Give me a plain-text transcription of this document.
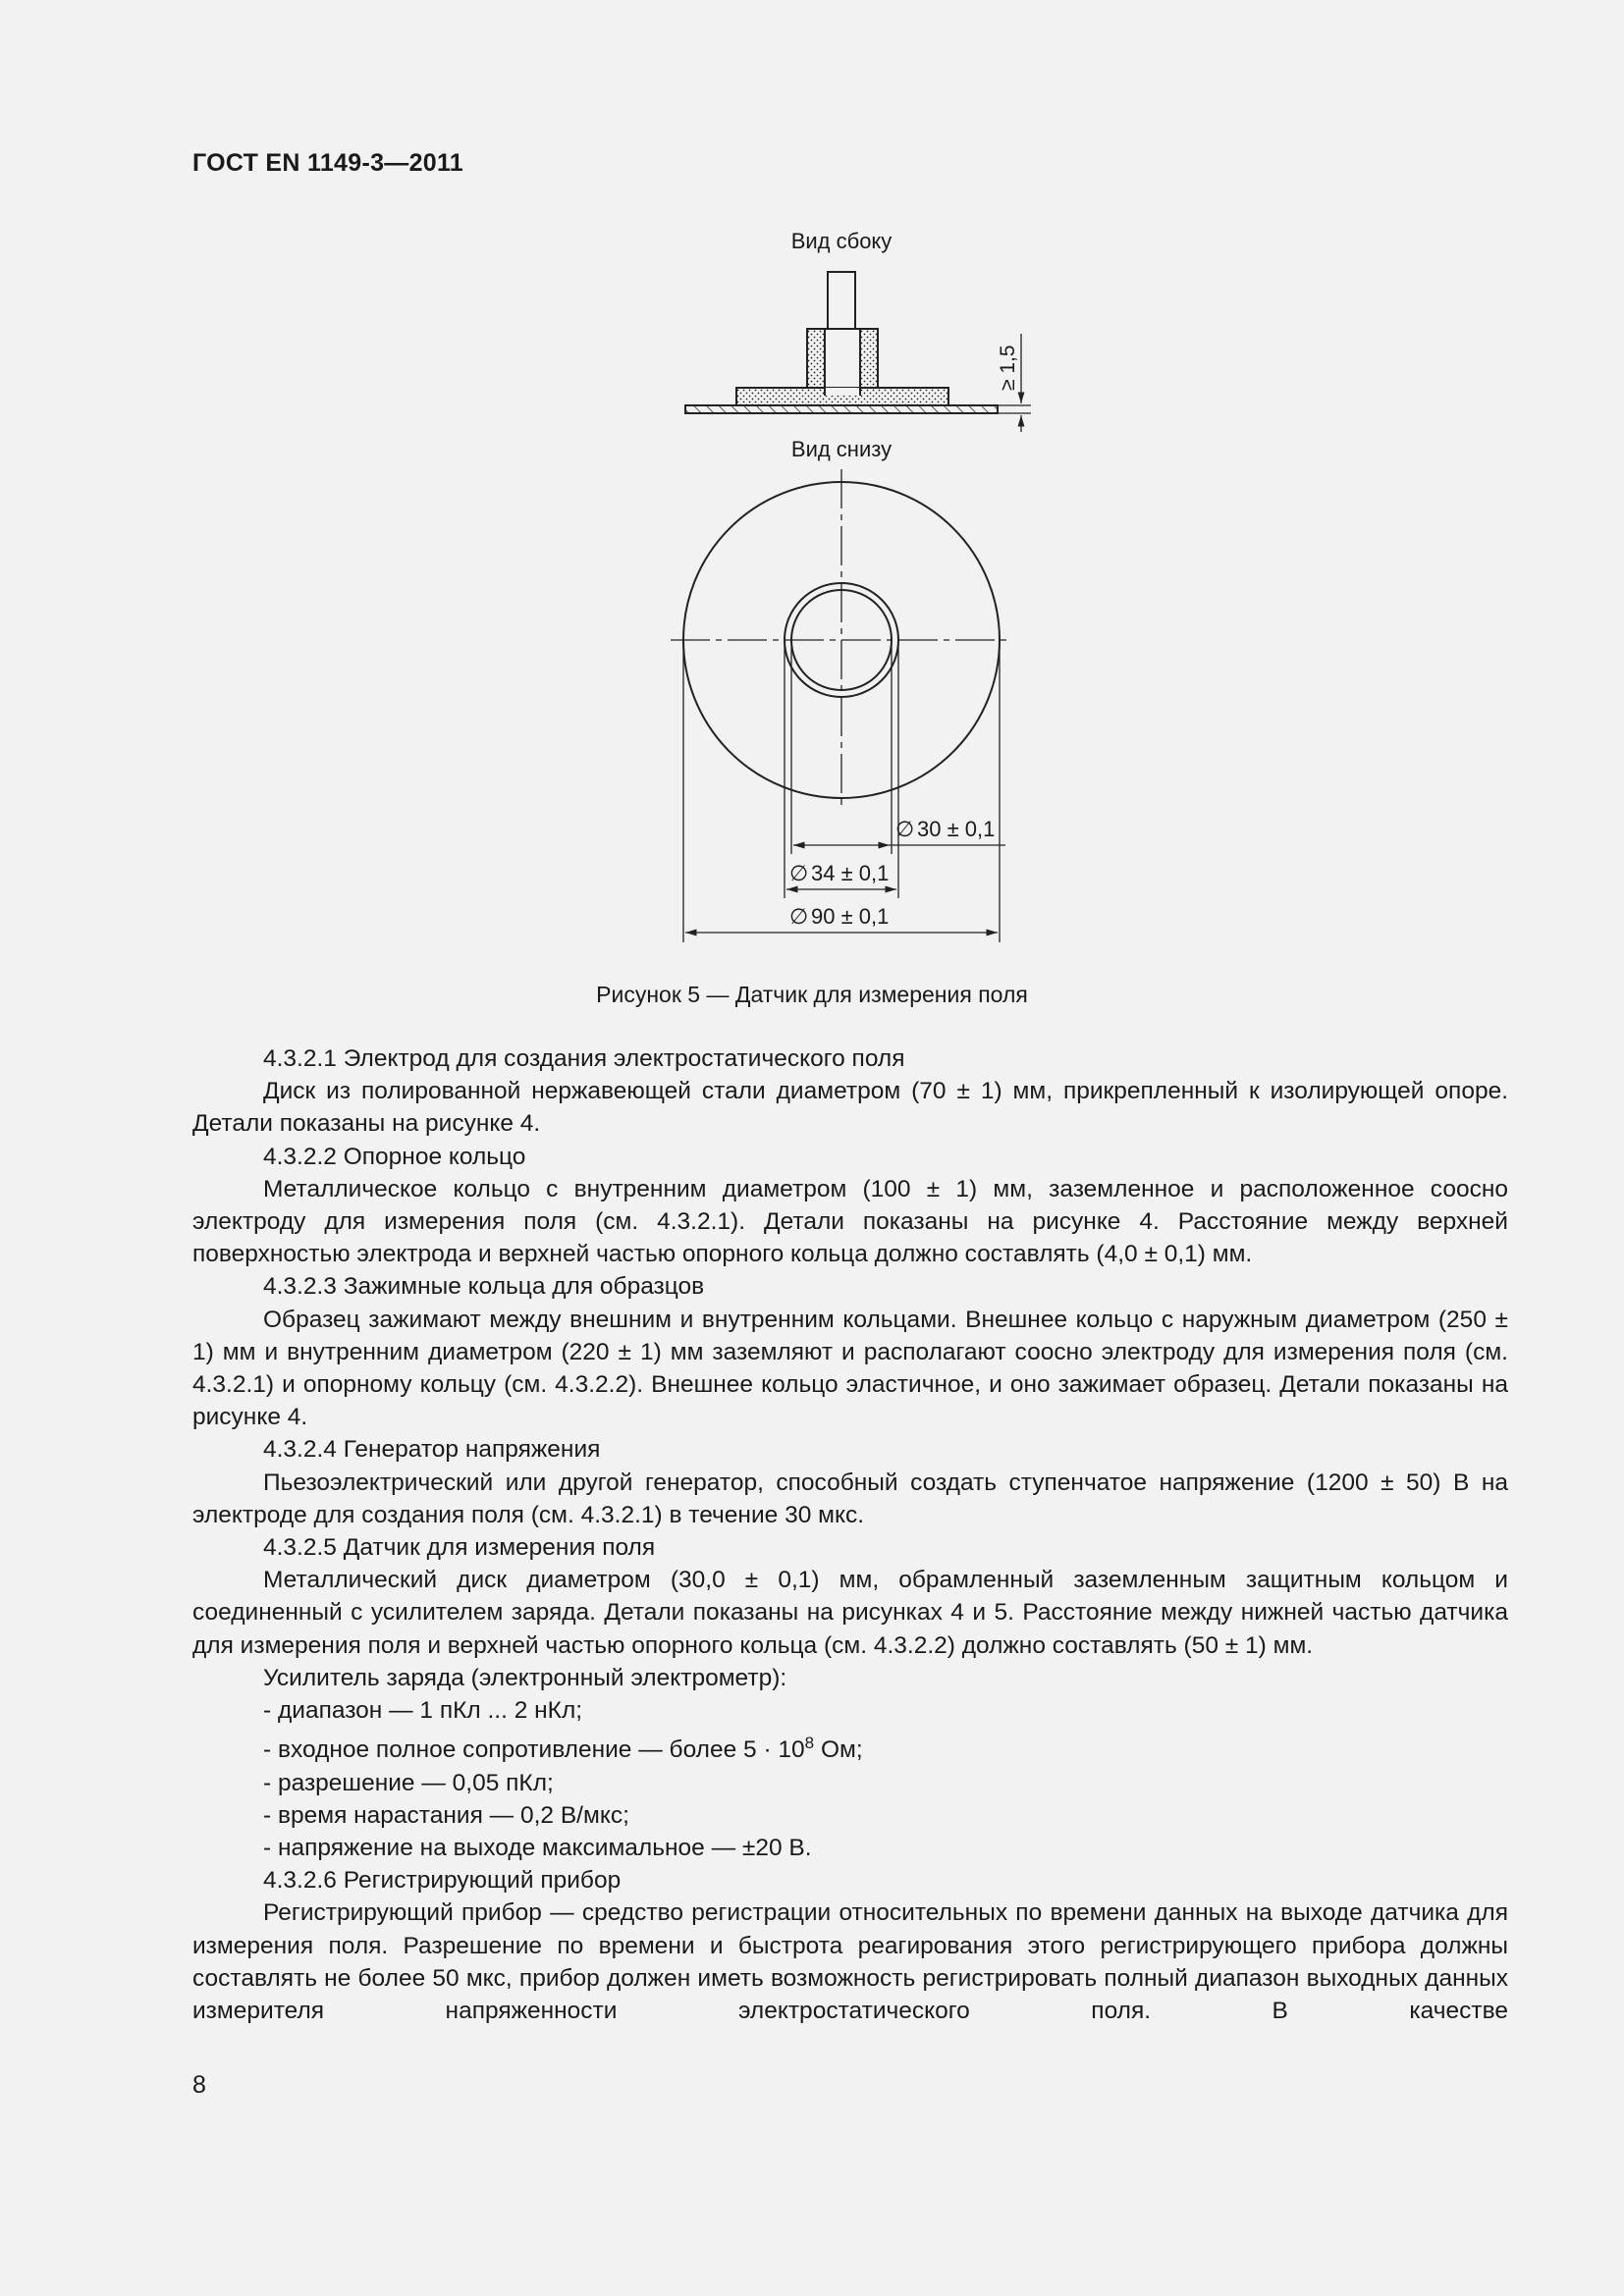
ГОСТ EN 1149-3—2011
Вид сбоку
≥ 1,5
Вид снизу
∅ 30 ± 0,1
∅ 34 ± 0,1
∅ 90 ± 0,1
Рисунок 5 — Датчик для измерения поля

4.3.2.1 Электрод для создания электростатического поля

Диск из полированной нержавеющей стали диаметром (70 ± 1) мм, прикрепленный к изолирующей опоре. Детали показаны на рисунке 4.

4.3.2.2 Опорное кольцо

Металлическое кольцо с внутренним диаметром (100 ± 1) мм, заземленное и расположенное соосно электроду для измерения поля (см. 4.3.2.1). Детали показаны на рисунке 4. Расстояние между верхней поверхностью электрода и верхней частью опорного кольца должно составлять (4,0 ± 0,1) мм.

4.3.2.3 Зажимные кольца для образцов

Образец зажимают между внешним и внутренним кольцами. Внешнее кольцо с наружным диаметром (250 ± 1) мм и внутренним диаметром (220 ± 1) мм заземляют и располагают соосно электроду для измерения поля (см. 4.3.2.1) и опорному кольцу (см. 4.3.2.2). Внешнее кольцо эластичное, и оно зажимает образец. Детали показаны на рисунке 4.

4.3.2.4 Генератор напряжения

Пьезоэлектрический или другой генератор, способный создать ступенчатое напряжение (1200 ± 50) В на электроде для создания поля (см. 4.3.2.1) в течение 30 мкс.

4.3.2.5 Датчик для измерения поля

Металлический диск диаметром (30,0 ± 0,1) мм, обрамленный заземленным защитным кольцом и соединенный с усилителем заряда. Детали показаны на рисунках 4 и 5. Расстояние между нижней частью датчика для измерения поля и верхней частью опорного кольца (см. 4.3.2.2) должно составлять (50 ± 1) мм.

Усилитель заряда (электронный электрометр):

- диапазон — 1 пКл ... 2 нКл;

- входное полное сопротивление — более $5 \cdot 10^8$ Ом;

- разрешение — 0,05 пКл;

- время нарастания — 0,2 В/мкс;

- напряжение на выходе максимальное — ±20 В.

4.3.2.6 Регистрирующий прибор

Регистрирующий прибор — средство регистрации относительных по времени данных на выходе датчика для измерения поля. Разрешение по времени и быстрота реагирования этого регистрирующего прибора должны составлять не более 50 мкс, прибор должен иметь возможность регистрировать полный диапазон выходных данных измерителя напряженности электростатического поля. В качестве

8
